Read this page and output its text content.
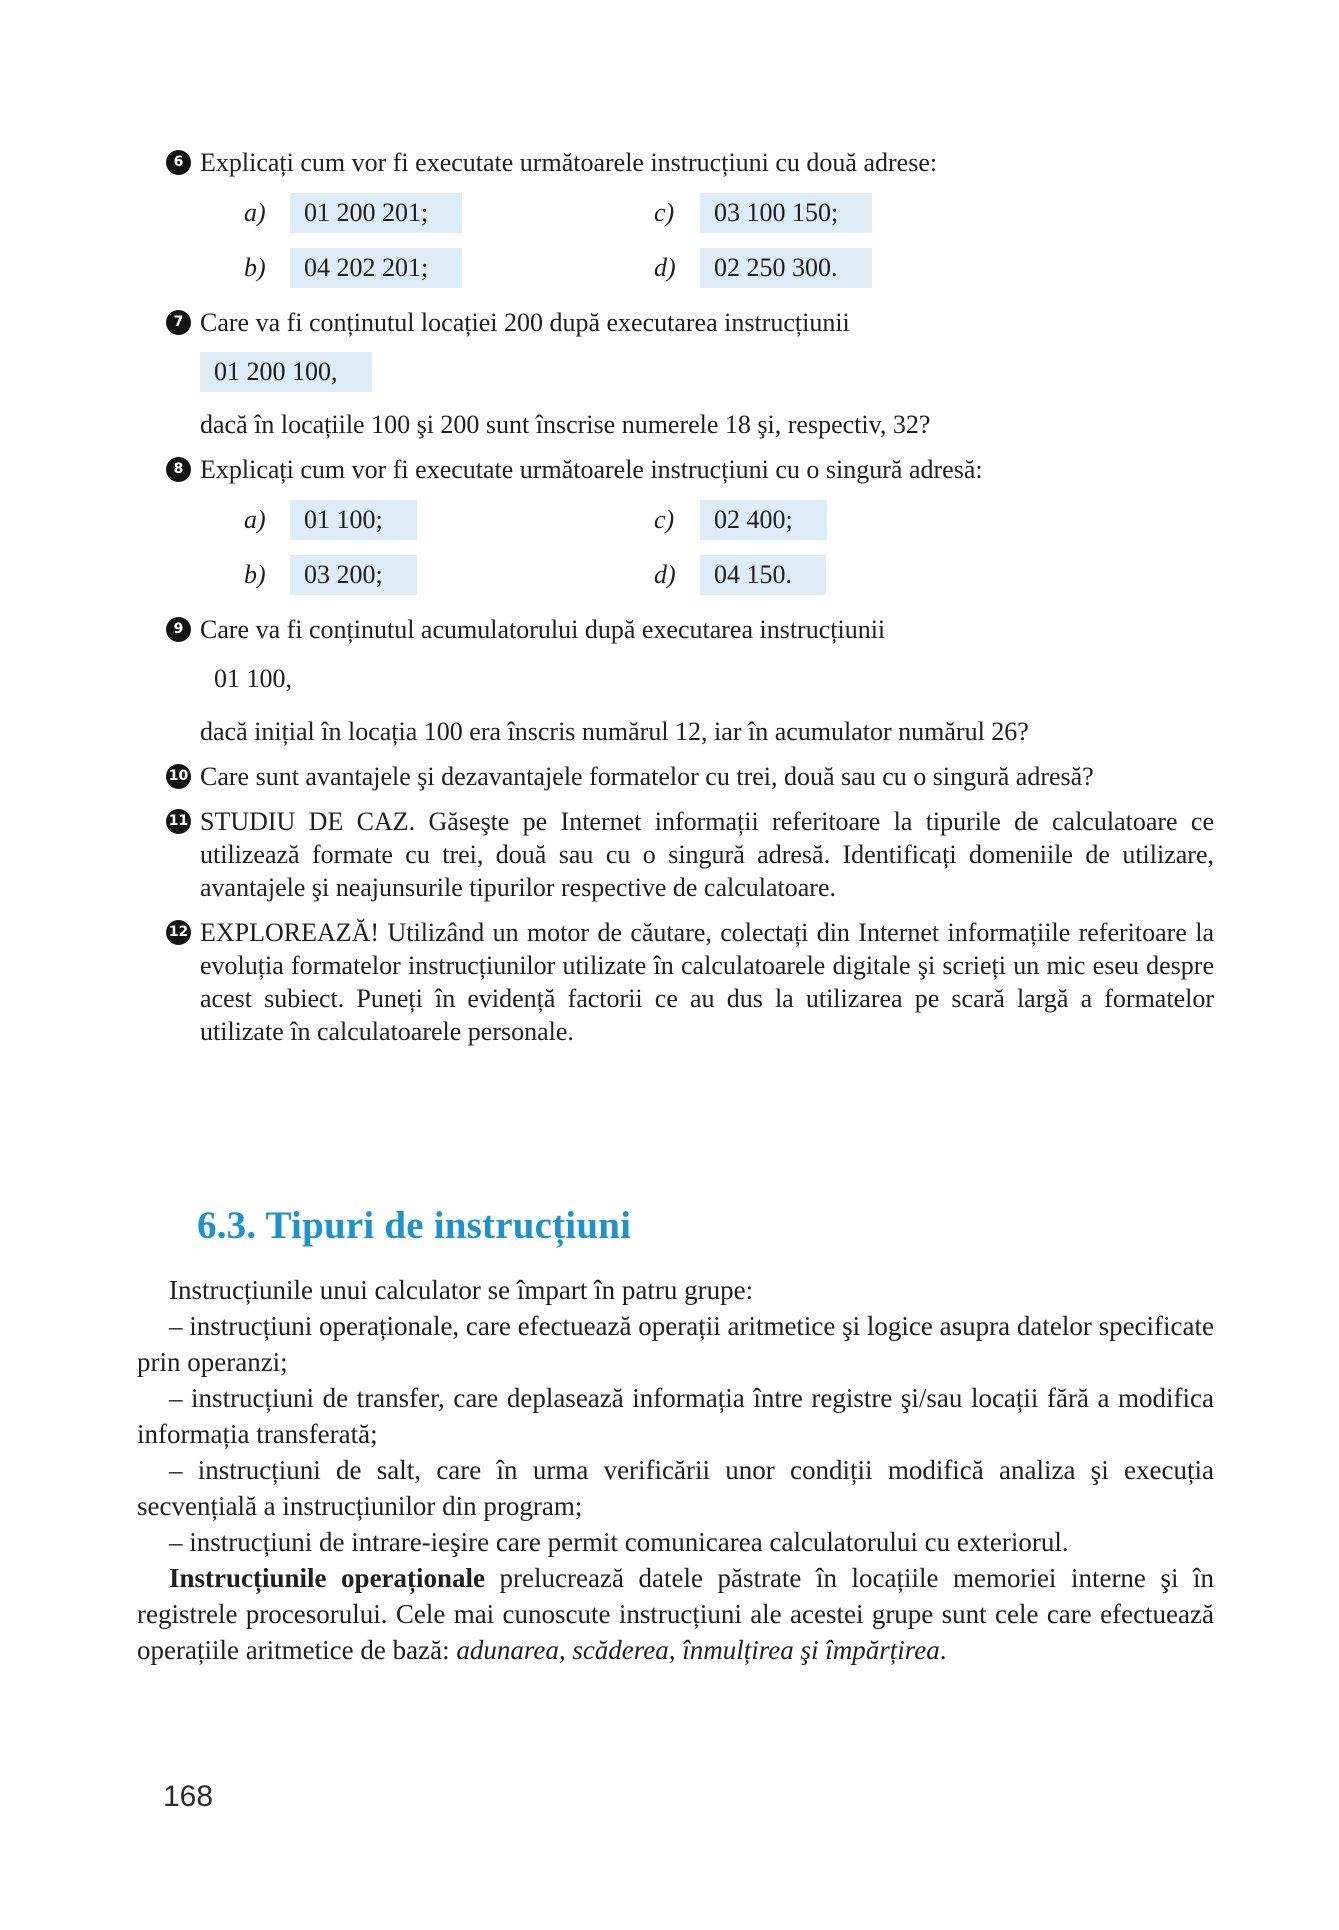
6 Explicați cum vor fi executate următoarele instrucțiuni cu două adrese:

a)	01 200 201;	c)	03 100 150;
b)	04 202 201;	d)	02 250 300.
7 Care va fi conținutul locației 200 după executarea instrucțiunii

01 200 100,

dacă în locațiile 100 şi 200 sunt înscrise numerele 18 şi, respectiv, 32?

8 Explicați cum vor fi executate următoarele instrucțiuni cu o singură adresă:

a)	01 100;	c)	02 400;
b)	03 200;	d)	04 150.
9 Care va fi conținutul acumulatorului după executarea instrucțiunii

01 100,

dacă inițial în locația 100 era înscris numărul 12, iar în acumulator numărul 26?

10 Care sunt avantajele şi dezavantajele formatelor cu trei, două sau cu o singură adresă?

11 STUDIU DE CAZ. Găseşte pe Internet informații referitoare la tipurile de calculatoare ce utilizează formate cu trei, două sau cu o singură adresă. Identificați domeniile de utilizare, avantajele şi neajunsurile tipurilor respective de calculatoare.

12 EXPLOREAZĂ! Utilizând un motor de căutare, colectați din Internet informațiile referitoare la evoluția formatelor instrucțiunilor utilizate în calculatoarele digitale şi scrieți un mic eseu despre acest subiect. Puneți în evidență factorii ce au dus la utilizarea pe scară largă a formatelor utilizate în calculatoarele personale.

6.3. Tipuri de instrucțiuni

Instrucțiunile unui calculator se împart în patru grupe:

– instrucțiuni operaționale, care efectuează operații aritmetice şi logice asupra datelor specificate prin operanzi;

– instrucțiuni de transfer, care deplasează informația între registre şi/sau locații fără a modifica informația transferată;

– instrucțiuni de salt, care în urma verificării unor condiții modifică analiza şi execuția secvențială a instrucțiunilor din program;

– instrucțiuni de intrare-ieşire care permit comunicarea calculatorului cu exteriorul.

Instrucțiunile operaționale prelucrează datele păstrate în locațiile memoriei interne şi în registrele procesorului. Cele mai cunoscute instrucțiuni ale acestei grupe sunt cele care efectuează operațiile aritmetice de bază: adunarea, scăderea, înmulțirea şi împărțirea.

168
